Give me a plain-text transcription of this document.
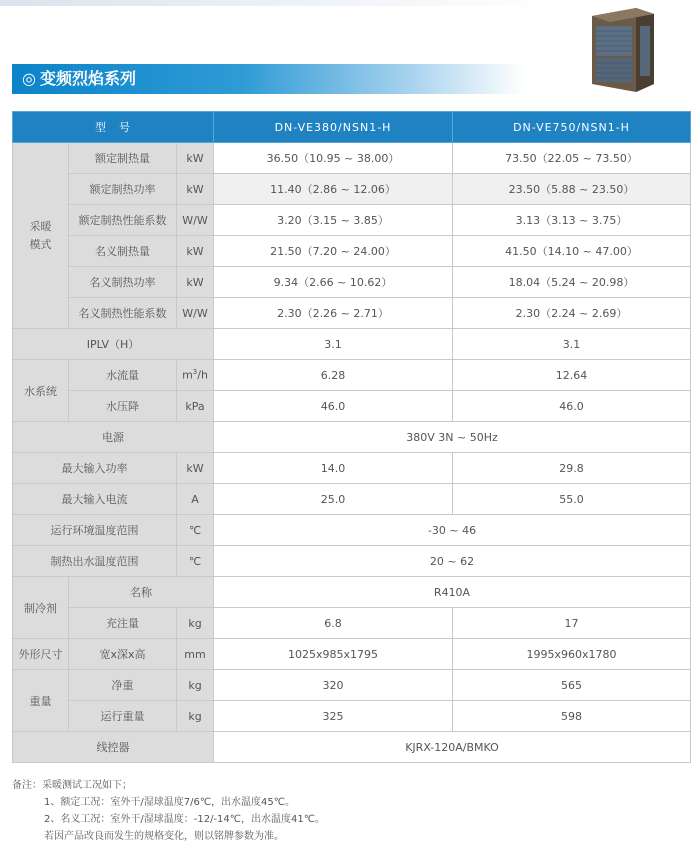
◎ 变频烈焰系列
型　号			DN-VE380/NSN1-H	DN-VE750/NSN1-H
采暖模式	额定制热量	kW	36.50（10.95 ~ 38.00）	73.50（22.05 ~ 73.50）
	额定制热功率	kW	11.40（2.86 ~ 12.06）	23.50（5.88 ~ 23.50）
	额定制热性能系数	W/W	3.20（3.15 ~ 3.85）	3.13（3.13 ~ 3.75）
	名义制热量	kW	21.50（7.20 ~ 24.00）	41.50（14.10 ~ 47.00）
	名义制热功率	kW	9.34（2.66 ~ 10.62）	18.04（5.24 ~ 20.98）
	名义制热性能系数	W/W	2.30（2.26 ~ 2.71）	2.30（2.24 ~ 2.69）
IPLV（H）			3.1	3.1
水系统	水流量	$m^3/h$	6.28	12.64
	水压降	kPa	46.0	46.0
电源			380V 3N ~ 50Hz	
最大输入功率		kW	14.0	29.8
最大输入电流		A	25.0	55.0
运行环境温度范围		℃	-30 ~ 46	
制热出水温度范围		℃	20 ~ 62	
制冷剂	名称		R410A	
	充注量	kg	6.8	17
外形尺寸	宽x深x高	mm	1025x985x1795	1995x960x1780
重量	净重	kg	320	565
	运行重量	kg	325	598
线控器			KJRX-120A/BMKO	
备注：采暖测试工况如下；
1、额定工况：室外干/湿球温度7/6℃，出水温度45℃。
2、名义工况：室外干/湿球温度：-12/-14℃，出水温度41℃。
若因产品改良而发生的规格变化，则以铭牌参数为准。
